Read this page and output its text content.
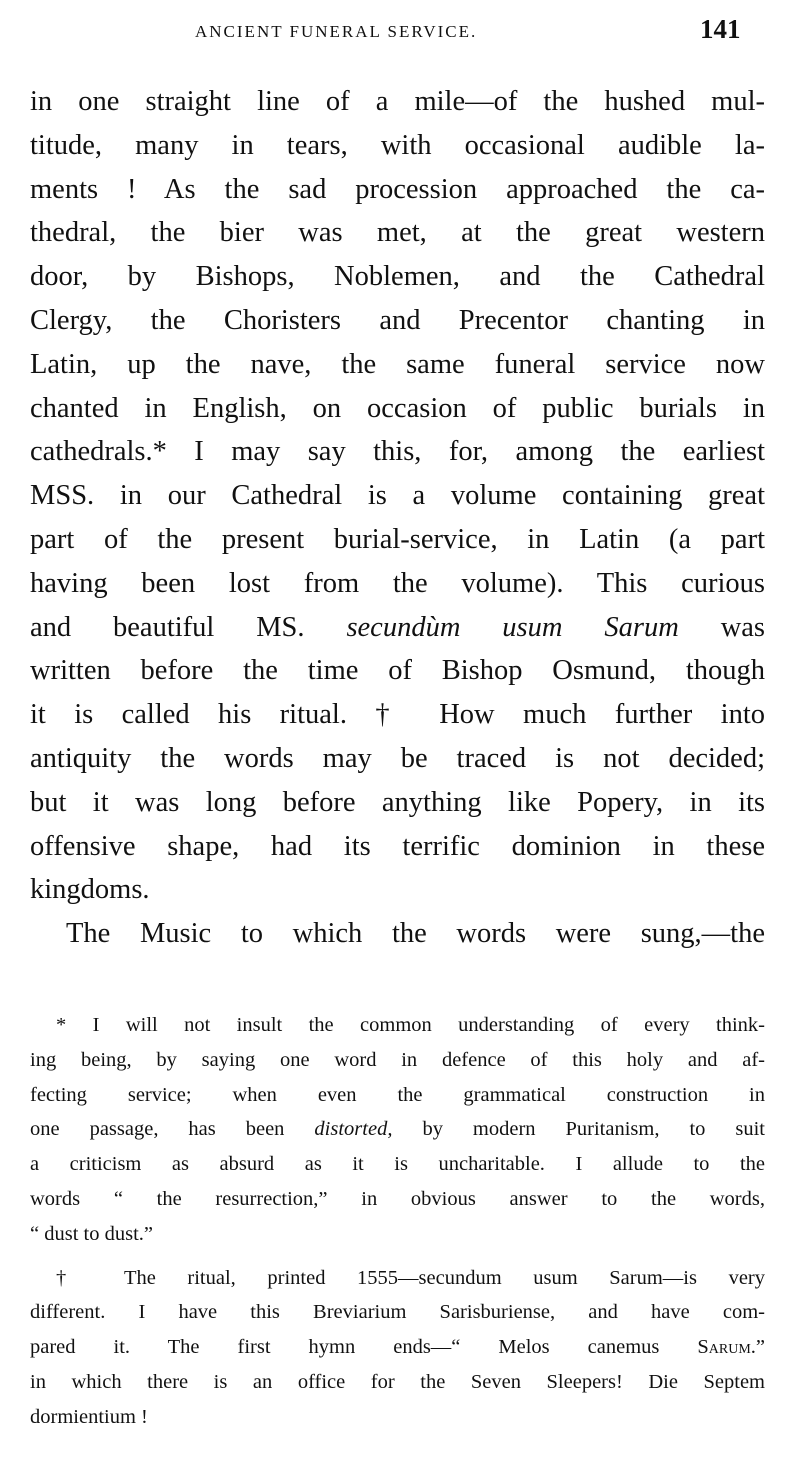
ANCIENT FUNERAL SERVICE.	141
in one straight line of a mile—of the hushed mul-
titude, many in tears, with occasional audible la-
ments ! As the sad procession approached the ca-
thedral, the bier was met, at the great western
door, by Bishops, Noblemen, and the Cathedral
Clergy, the Choristers and Precentor chanting in
Latin, up the nave, the same funeral service now
chanted in English, on occasion of public burials in
cathedrals.* I may say this, for, among the earliest
MSS. in our Cathedral is a volume containing great
part of the present burial-service, in Latin (a part
having been lost from the volume). This curious
and beautiful MS. secundùm usum Sarum was
written before the time of Bishop Osmund, though
it is called his ritual. † How much further into
antiquity the words may be traced is not decided;
but it was long before anything like Popery, in its
offensive shape, had its terrific dominion in these
kingdoms.
The Music to which the words were sung,—the
* I will not insult the common understanding of every think-
ing being, by saying one word in defence of this holy and af-
fecting service; when even the grammatical construction in
one passage, has been distorted, by modern Puritanism, to suit
a criticism as absurd as it is uncharitable. I allude to the
words “ the resurrection,” in obvious answer to the words,
“ dust to dust.”
† The ritual, printed 1555—secundum usum Sarum—is very
different. I have this Breviarium Sarisburiense, and have com-
pared it. The first hymn ends—“ Melos canemus Sarum.”
in which there is an office for the Seven Sleepers! Die Septem
dormientium !
